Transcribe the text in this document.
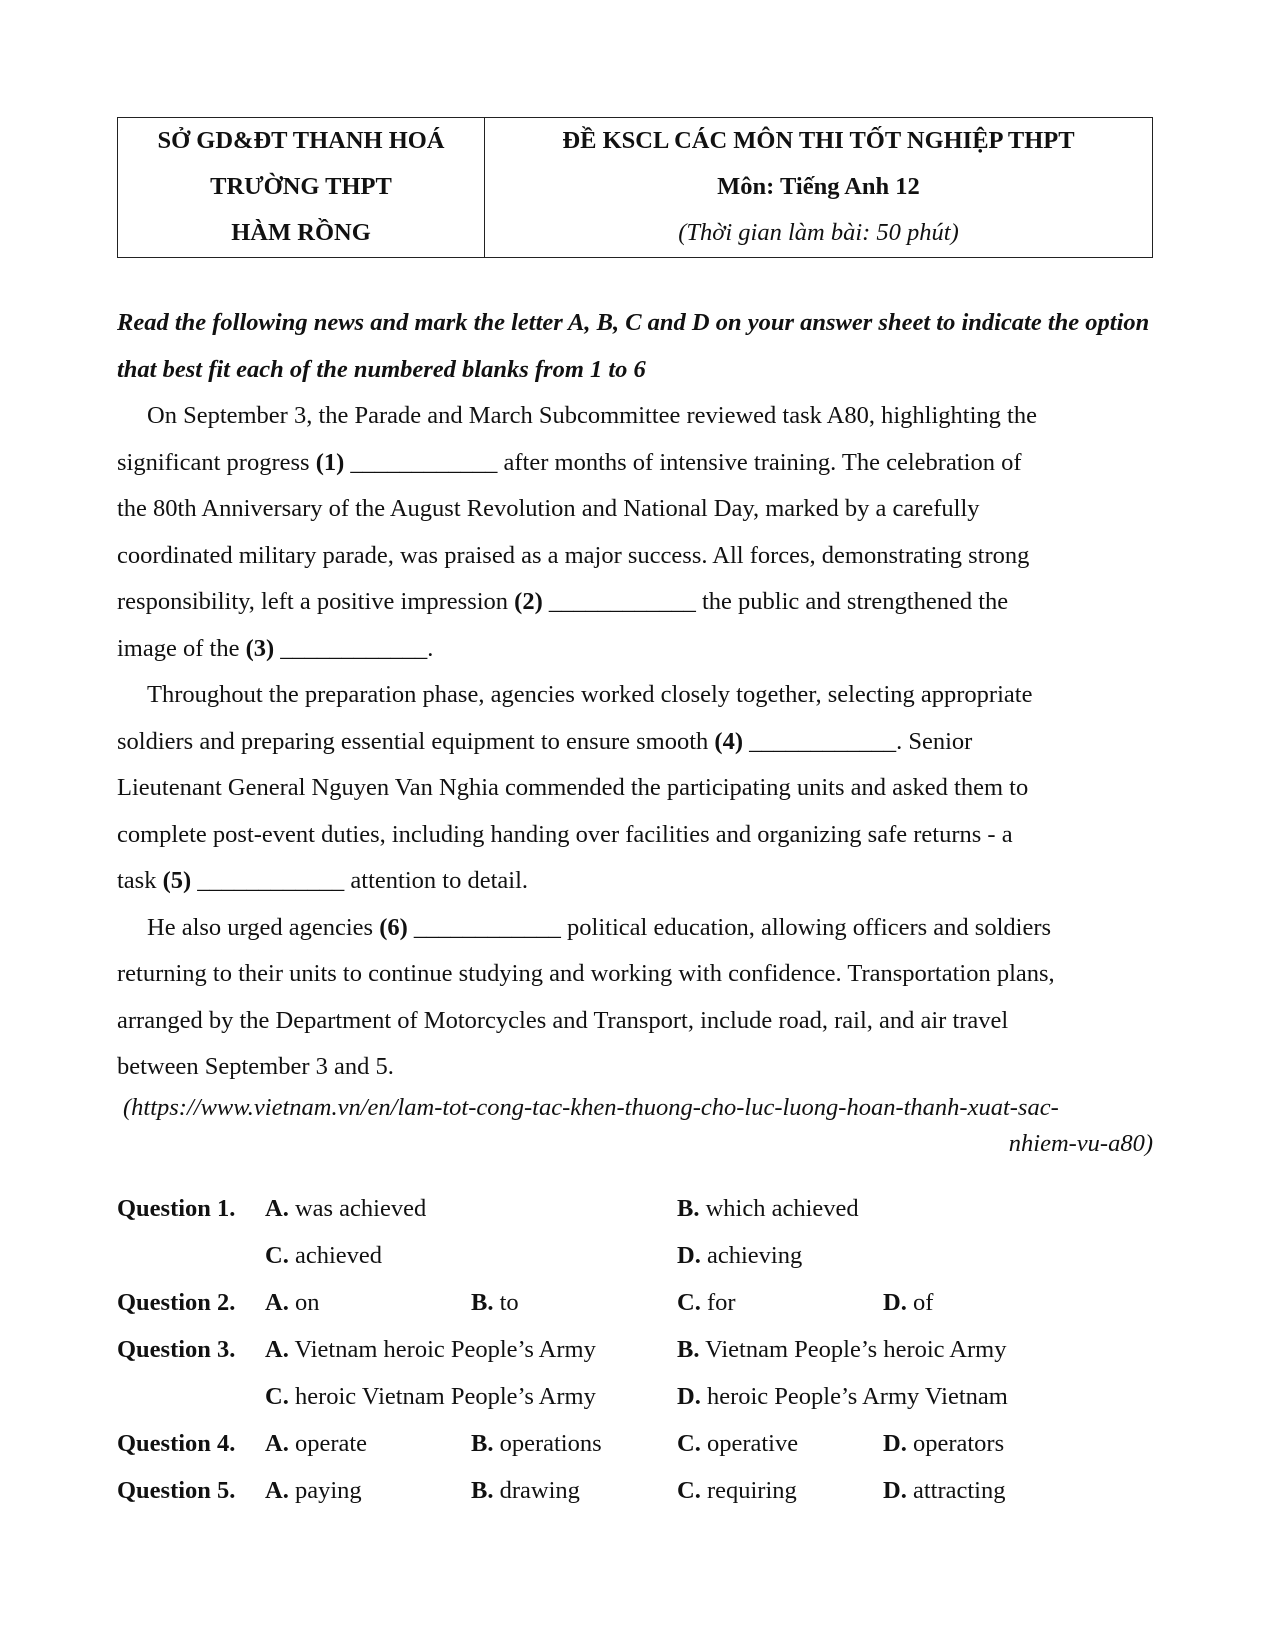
SỞ GD&ĐT THANH HOÁ
TRƯỜNG THPT
HÀM RỒNG
ĐỀ KSCL CÁC MÔN THI TỐT NGHIỆP THPT
Môn: Tiếng Anh 12
(Thời gian làm bài: 50 phút)
Read the following news and mark the letter A, B, C and D on your answer sheet to indicate the option that best fit each of the numbered blanks from 1 to 6
On September 3, the Parade and March Subcommittee reviewed task A80, highlighting the
significant progress (1) ____________ after months of intensive training. The celebration of
the 80th Anniversary of the August Revolution and National Day, marked by a carefully
coordinated military parade, was praised as a major success. All forces, demonstrating strong
responsibility, left a positive impression (2) ____________ the public and strengthened the
image of the (3) ____________.
Throughout the preparation phase, agencies worked closely together, selecting appropriate
soldiers and preparing essential equipment to ensure smooth (4) ____________. Senior
Lieutenant General Nguyen Van Nghia commended the participating units and asked them to
complete post-event duties, including handing over facilities and organizing safe returns - a
task (5) ____________ attention to detail.
He also urged agencies (6) ____________ political education, allowing officers and soldiers
returning to their units to continue studying and working with confidence. Transportation plans,
arranged by the Department of Motorcycles and Transport, include road, rail, and air travel
between September 3 and 5.
(https://www.vietnam.vn/en/lam-tot-cong-tac-khen-thuong-cho-luc-luong-hoan-thanh-xuat-sac-
nhiem-vu-a80)
Question 1. A. was achieved	B. which achieved
C. achieved	D. achieving
Question 2. A. on	B. to	C. for	D. of
Question 3. A. Vietnam heroic People’s Army	B. Vietnam People’s heroic Army
C. heroic Vietnam People’s Army	D. heroic People’s Army Vietnam
Question 4. A. operate	B. operations	C. operative	D. operators
Question 5. A. paying	B. drawing	C. requiring	D. attracting
